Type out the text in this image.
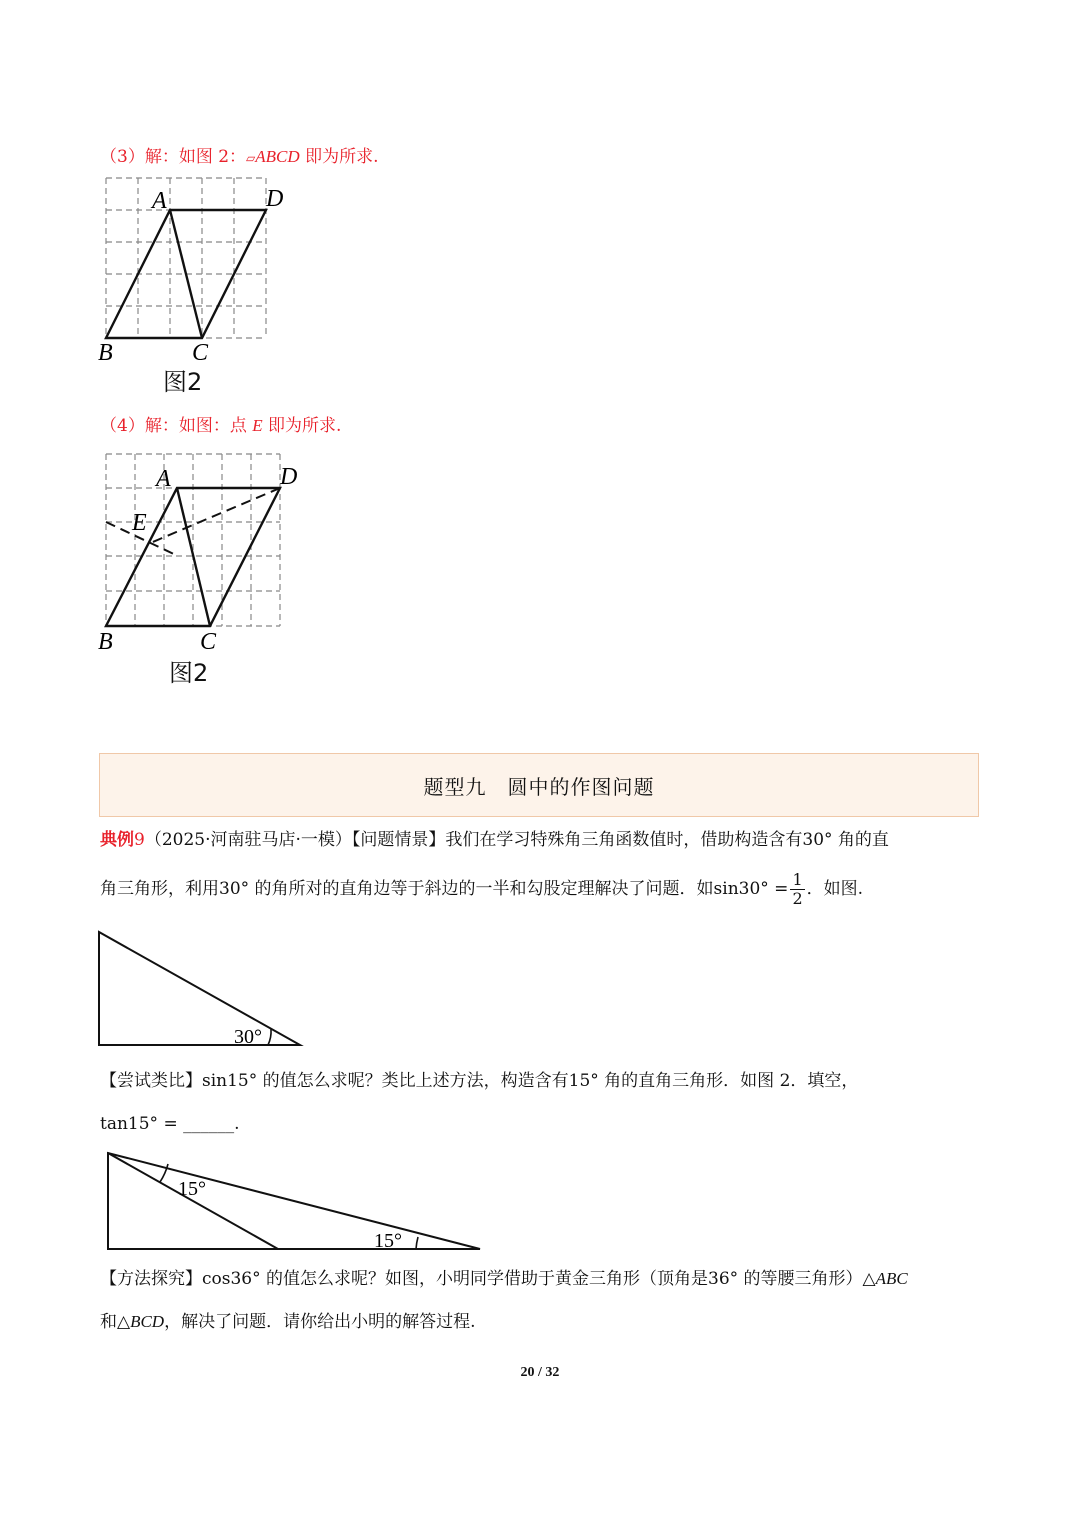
（3）解：如图 2：▱ABCD 即为所求.
A	D
B	C
图2
（4）解：如图：点 E 即为所求.
A	D
E
B	C
图2
题型九　圆中的作图问题
典例9（2025·河南驻马店·一模）【问题情景】我们在学习特殊角三角函数值时，借助构造含有30° 角的直
角三角形，利用30° 的角所对的直角边等于斜边的一半和勾股定理解决了问题．如$\sin 30^\circ = \frac{1}{2}$ ．如图.
30°
【尝试类比】sin15° 的值怎么求呢？类比上述方法，构造含有15° 角的直角三角形．如图 2．填空，
tan15° = ______.
15°
15°
【方法探究】cos36° 的值怎么求呢？如图，小明同学借助于黄金三角形（顶角是36° 的等腰三角形）△ABC
和△BCD，解决了问题．请你给出小明的解答过程.
20 / 32
